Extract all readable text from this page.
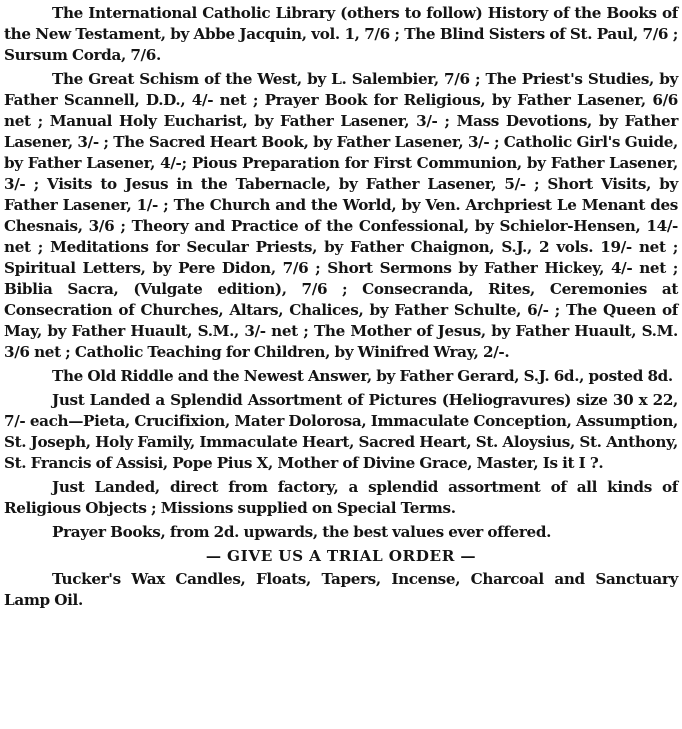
The International Catholic Library (others to follow) History of the Books of the New Testament, by Abbe Jacquin, vol. 1, 7/6 ; The Blind Sisters of St. Paul, 7/6 ; Sursum Corda, 7/6.

The Great Schism of the West, by L. Salembier, 7/6 ; The Priest's Studies, by Father Scannell, D.D., 4/- net ; Prayer Book for Religious, by Father Lasener, 6/6 net ; Manual Holy Eucharist, by Father Lasener, 3/- ; Mass Devotions, by Father Lasener, 3/- ; The Sacred Heart Book, by Father Lasener, 3/- ; Catholic Girl's Guide, by Father Lasener, 4/-; Pious Preparation for First Communion, by Father Lasener, 3/- ; Visits to Jesus in the Tabernacle, by Father Lasener, 5/- ; Short Visits, by Father Lasener, 1/- ; The Church and the World, by Ven. Archpriest Le Menant des Chesnais, 3/6 ; Theory and Practice of the Confessional, by Schielor-Hensen, 14/- net ; Meditations for Secular Priests, by Father Chaignon, S.J., 2 vols. 19/- net ; Spiritual Letters, by Pere Didon, 7/6 ; Short Sermons by Father Hickey, 4/- net ; Biblia Sacra, (Vulgate edition), 7/6 ; Consecranda, Rites, Ceremonies at Consecration of Churches, Altars, Chalices, by Father Schulte, 6/- ; The Queen of May, by Father Huault, S.M., 3/- net ; The Mother of Jesus, by Father Huault, S.M. 3/6 net ; Catholic Teaching for Children, by Winifred Wray, 2/-.

The Old Riddle and the Newest Answer, by Father Gerard, S.J. 6d., posted 8d.

Just Landed a Splendid Assortment of Pictures (Heliogravures) size 30 x 22, 7/- each—Pieta, Crucifixion, Mater Dolorosa, Immaculate Conception, Assumption, St. Joseph, Holy Family, Immaculate Heart, Sacred Heart, St. Aloysius, St. Anthony, St. Francis of Assisi, Pope Pius X, Mother of Divine Grace, Master, Is it I ?.

Just Landed, direct from factory, a splendid assortment of all kinds of Religious Objects ; Missions supplied on Special Terms.

Prayer Books, from 2d. upwards, the best values ever offered.

— GIVE US A TRIAL ORDER —

Tucker's Wax Candles, Floats, Tapers, Incense, Charcoal and Sanctuary Lamp Oil.
